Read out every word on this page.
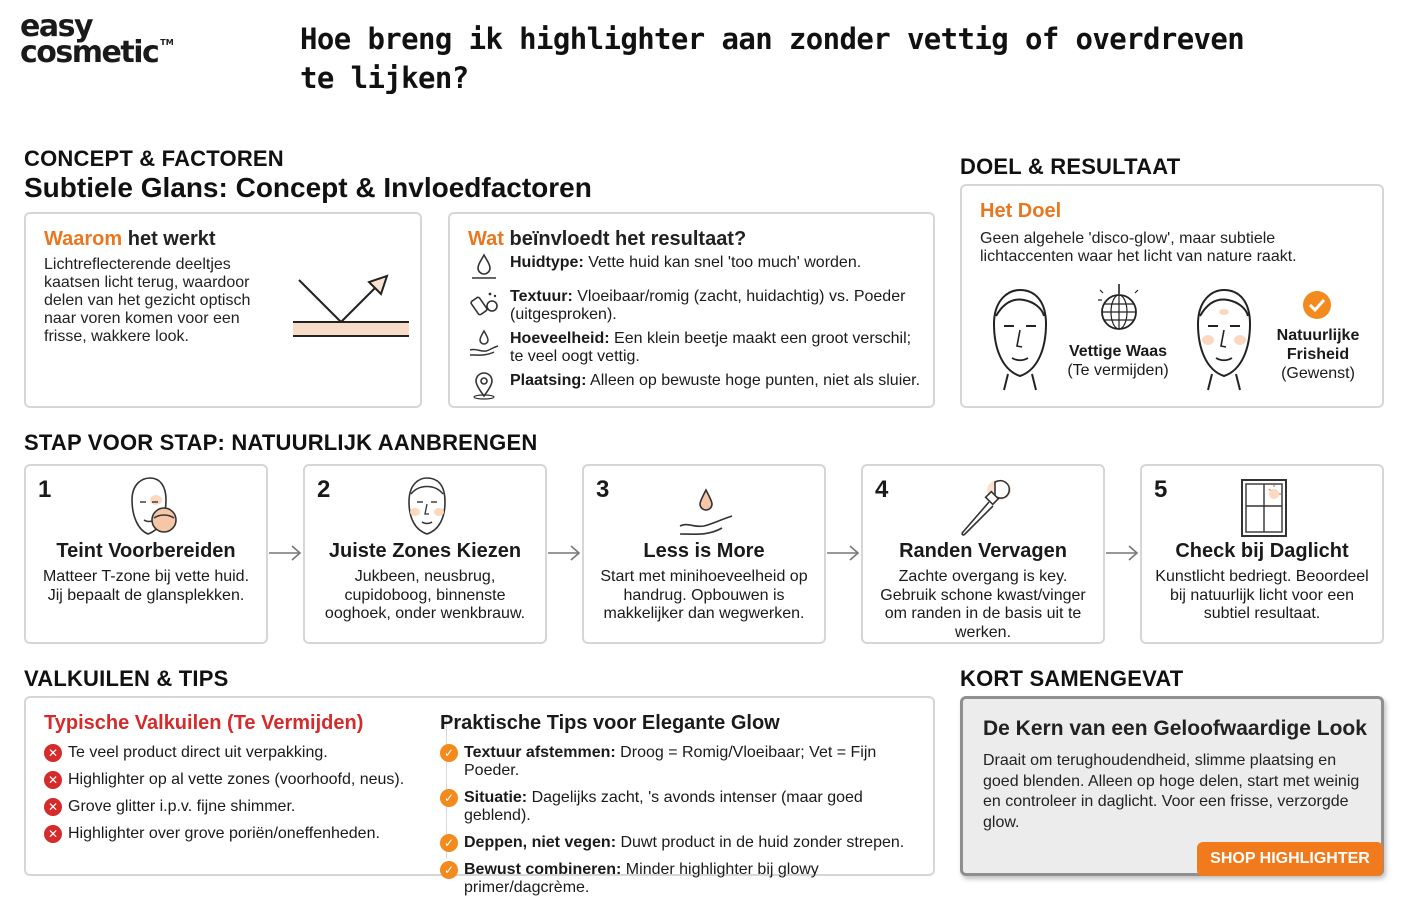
easy
cosmetic ™	Hoe breng ik highlighter aan zonder vettig of overdreven te lijken?
CONCEPT & FACTOREN
Subtiele Glans: Concept & Invloedfactoren
Waarom het werkt
Lichtreflecterende deeltjes kaatsen licht terug, waardoor delen van het gezicht optisch naar voren komen voor een frisse, wakkere look.
Wat beïnvloedt het resultaat?
Huidtype: Vette huid kan snel 'too much' worden.
Textuur: Vloeibaar/romig (zacht, huidachtig) vs. Poeder (uitgesproken).
Hoeveelheid: Een klein beetje maakt een groot verschil; te veel oogt vettig.
Plaatsing: Alleen op bewuste hoge punten, niet als sluier.
DOEL & RESULTAAT
Het Doel
Geen algehele 'disco-glow', maar subtiele lichtaccenten waar het licht van nature raakt.
Vettige Waas
(Te vermijden)
Natuurlijke
Frisheid
(Gewenst)
STAP VOOR STAP: NATUURLIJK AANBRENGEN
1
Teint Voorbereiden
Matteer T-zone bij vette huid. Jij bepaalt de glansplekken.
2
Juiste Zones Kiezen
Jukbeen, neusbrug, cupidoboog, binnenste ooghoek, onder wenkbrauw.
3
Less is More
Start met minihoeveelheid op handrug. Opbouwen is makkelijker dan wegwerken.
4
Randen Vervagen
Zachte overgang is key. Gebruik schone kwast/vinger om randen in de basis uit te werken.
5
Check bij Daglicht
Kunstlicht bedriegt. Beoordeel bij natuurlijk licht voor een subtiel resultaat.
VALKUILEN & TIPS
Typische Valkuilen (Te Vermijden)
✕ Te veel product direct uit verpakking.
✕ Highlighter op al vette zones (voorhoofd, neus).
✕ Grove glitter i.p.v. fijne shimmer.
✕ Highlighter over grove poriën/oneffenheden.
Praktische Tips voor Elegante Glow
✓ Textuur afstemmen: Droog = Romig/Vloeibaar; Vet = Fijn Poeder.
✓ Situatie: Dagelijks zacht, 's avonds intenser (maar goed geblend).
✓ Deppen, niet vegen: Duwt product in de huid zonder strepen.
✓ Bewust combineren: Minder highlighter bij glowy primer/dagcrème.
KORT SAMENGEVAT
De Kern van een Geloofwaardige Look
Draait om terughoudendheid, slimme plaatsing en goed blenden. Alleen op hoge delen, start met weinig en controleer in daglicht. Voor een frisse, verzorgde glow.
SHOP HIGHLIGHTER
